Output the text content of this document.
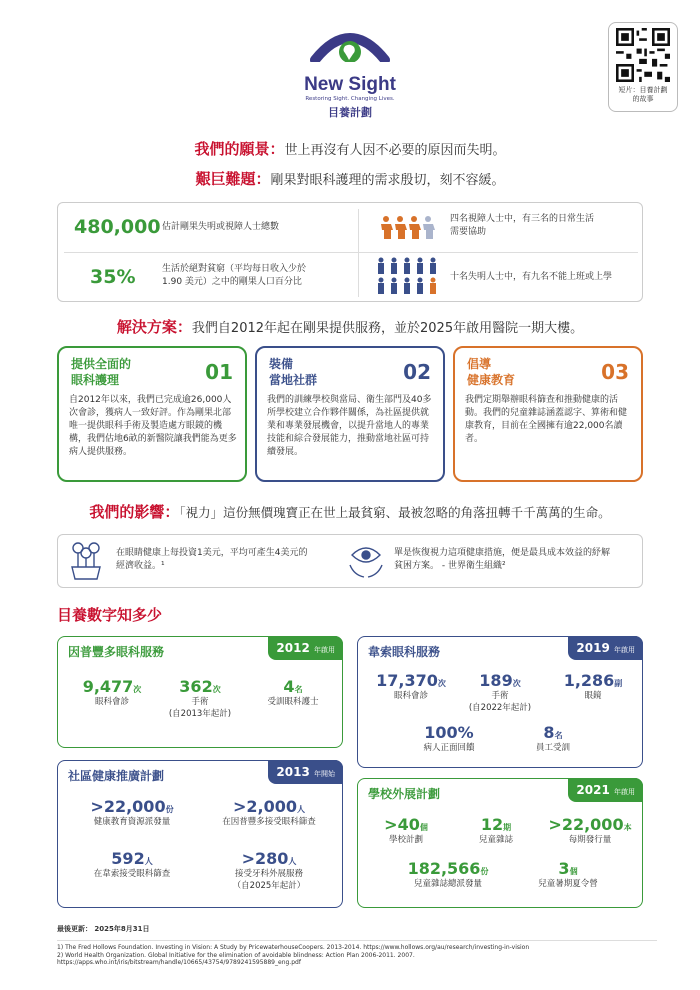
New Sight
Restoring Sight. Changing Lives.
目養計劃
短片：目養計劃
的故事
我們的願景：世上再沒有人因不必要的原因而失明。
艱巨難題：剛果對眼科護理的需求殷切，刻不容緩。
480,000 估計剛果失明或視障人士總數
35%	生活於絕對貧窮（平均每日收入少於
1.90 美元）之中的剛果人口百分比
四名視障人士中，有三名的日常生活
需要協助
十名失明人士中，有九名不能上班或上學
解決方案：我們自2012年起在剛果提供服務，並於2025年啟用醫院一期大樓。
提供全面的
眼科護理	01
自2012年以來，我們已完成逾26,000人次會診，獲病人一致好評。作為剛果北部唯一提供眼科手術及製造處方眼鏡的機構，我們估地6畝的新醫院讓我們能為更多病人提供服務。
裝備
當地社群	02
我們的訓練學校與當局、衛生部門及40多所學校建立合作夥伴關係，為社區提供就業和專業發展機會，以提升當地人的專業技能和綜合發展能力，推動當地社區可持續發展。
倡導
健康教育	03
我們定期舉辦眼科篩查和推動健康的活動。我們的兒童雜誌涵蓋認字、算術和健康教育，目前在全國擁有逾22,000名讀者。
我們的影響：「視力」這份無價瑰寶正在世上最貧窮、最被忽略的角落扭轉千千萬萬的生命。
在眼睛健康上每投資1美元，平均可產生4美元的
經濟收益。¹
單是恢復視力這項健康措施，便是最具成本效益的紓解
貧困方案。 - 世界衛生組織²
目養數字知多少
因普豐多眼科服務	2012 年啟用
9,477次
眼科會診
362次
手術
(自2013年起計)
4名
受訓眼科護士
韋索眼科服務	2019 年啟用
17,370次
眼科會診
189次
手術
(自2022年起計)
1,286副
眼鏡
100%
病人正面回饋
8名
員工受訓
社區健康推廣計劃	2013 年開始
>22,000份
健康教育資源派發量
>2,000人
在因普豐多接受眼科篩查
592人
在韋索接受眼科篩查
>280人
接受牙科外展服務
（自2025年起計）
學校外展計劃	2021 年啟用
>40個
學校計劃
12期
兒童雜誌
>22,000本
每期發行量
182,566份
兒童雜誌總派發量
3個
兒童暑期夏令營
最後更新： 2025年8月31日
1) The Fred Hollows Foundation. Investing in Vision: A Study by PricewaterhouseCoopers. 2013-2014. https://www.hollows.org/au/research/investing-in-vision
2) World Health Organization. Global Initiative for the elimination of avoidable blindness: Action Plan 2006-2011. 2007. https://apps.who.int/iris/bitstream/handle/10665/43754/9789241595889_eng.pdf
